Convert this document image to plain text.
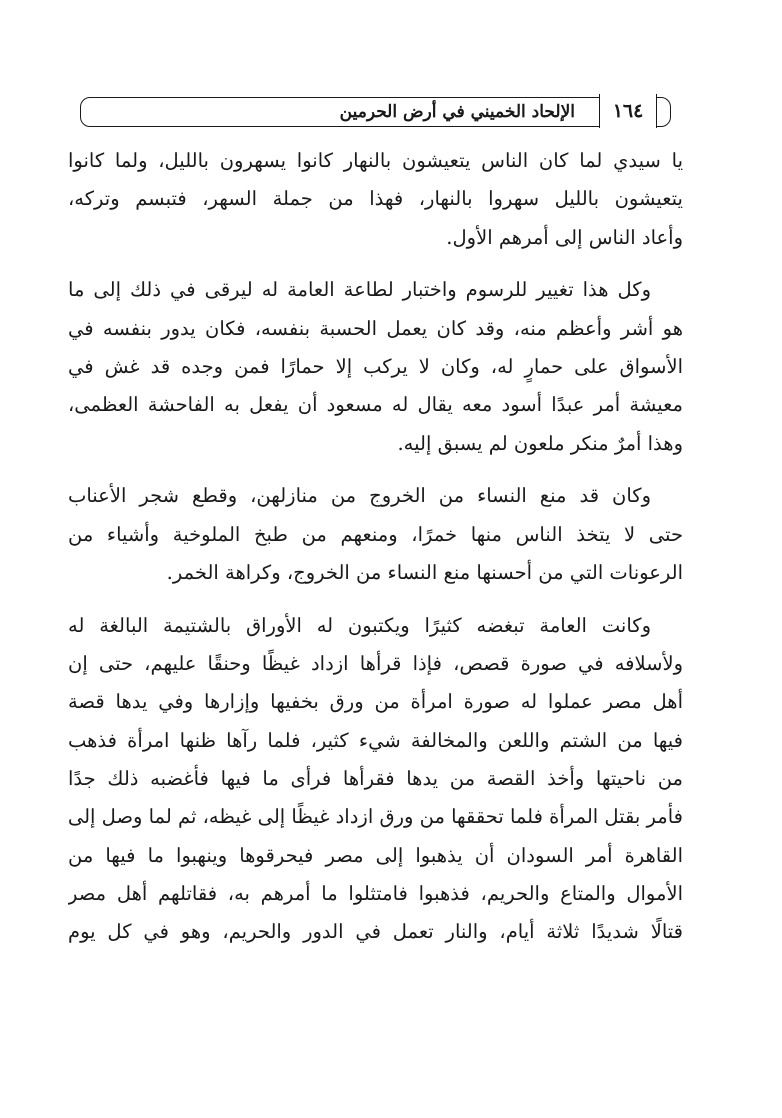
١٦٤
الإلحاد الخميني في أرض الحرمين
يا سيدي لما كان الناس يتعيشون بالنهار كانوا يسهرون بالليل، ولما كانوا
يتعيشون بالليل سهروا بالنهار، فهذا من جملة السهر، فتبسم وتركه،
وأعاد الناس إلى أمرهم الأول.
وكل هذا تغيير للرسوم واختبار لطاعة العامة له ليرقى في ذلك إلى ما
هو أشر وأعظم منه، وقد كان يعمل الحسبة بنفسه، فكان يدور بنفسه في
الأسواق على حمارٍ له، وكان لا يركب إلا حمارًا فمن وجده قد غش في
معيشة أمر عبدًا أسود معه يقال له مسعود أن يفعل به الفاحشة العظمى،
وهذا أمرٌ منكر ملعون لم يسبق إليه.
وكان قد منع النساء من الخروج من منازلهن، وقطع شجر الأعناب
حتى لا يتخذ الناس منها خمرًا، ومنعهم من طبخ الملوخية وأشياء من
الرعونات التي من أحسنها منع النساء من الخروج، وكراهة الخمر.
وكانت العامة تبغضه كثيرًا ويكتبون له الأوراق بالشتيمة البالغة له
ولأسلافه في صورة قصص، فإذا قرأها ازداد غيظًا وحنقًا عليهم، حتى إن
أهل مصر عملوا له صورة امرأة من ورق بخفيها وإزارها وفي يدها قصة
فيها من الشتم واللعن والمخالفة شيء كثير، فلما رآها ظنها امرأة فذهب
من ناحيتها وأخذ القصة من يدها فقرأها فرأى ما فيها فأغضبه ذلك جدًا
فأمر بقتل المرأة فلما تحققها من ورق ازداد غيظًا إلى غيظه، ثم لما وصل إلى
القاهرة أمر السودان أن يذهبوا إلى مصر فيحرقوها وينهبوا ما فيها من
الأموال والمتاع والحريم، فذهبوا فامتثلوا ما أمرهم به، فقاتلهم أهل مصر
قتالًا شديدًا ثلاثة أيام، والنار تعمل في الدور والحريم، وهو في كل يوم
